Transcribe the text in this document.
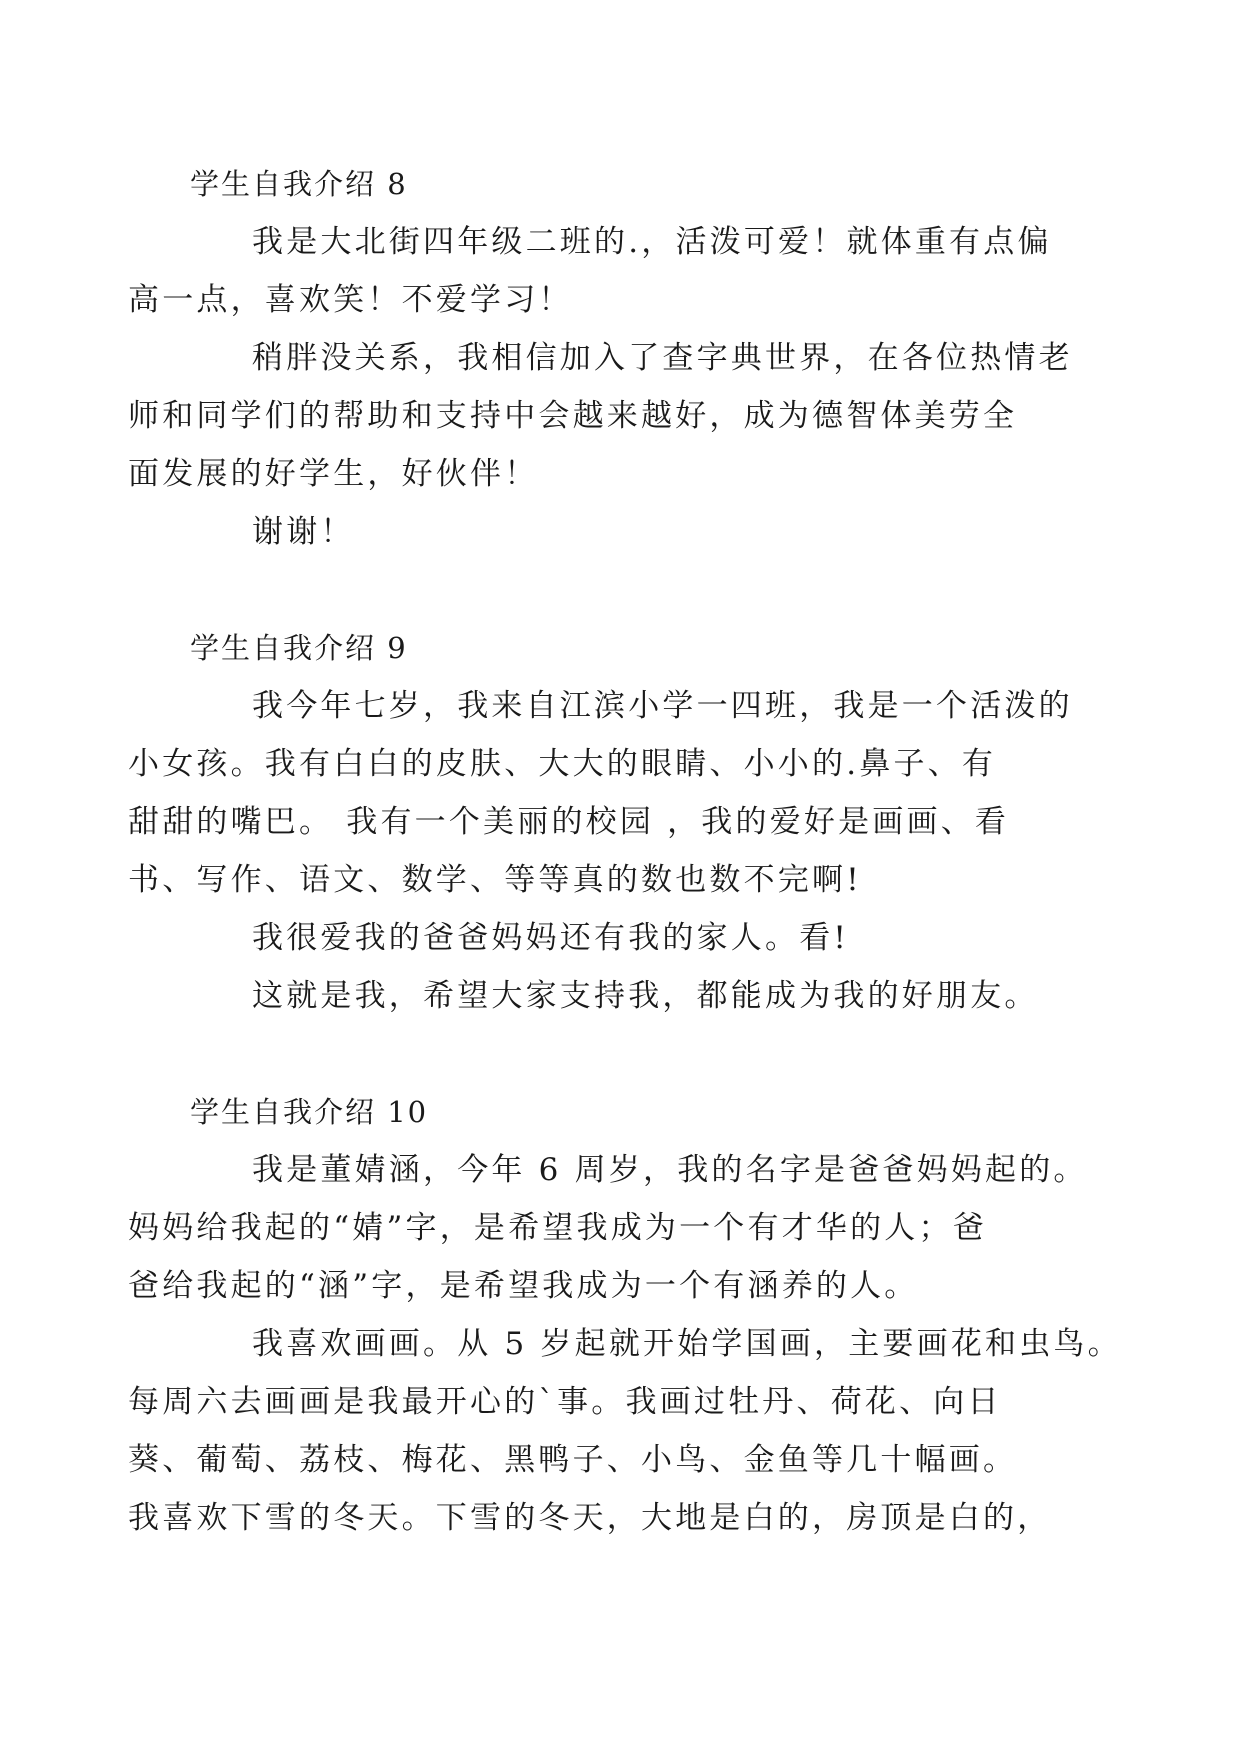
学生自我介绍 8

我是大北街四年级二班的.，活泼可爱！就体重有点偏
高一点，喜欢笑！不爱学习！

稍胖没关系，我相信加入了查字典世界，在各位热情老
师和同学们的帮助和支持中会越来越好，成为德智体美劳全
面发展的好学生，好伙伴！

谢谢！

学生自我介绍 9

我今年七岁，我来自江滨小学一四班，我是一个活泼的
小女孩。我有白白的皮肤、大大的眼睛、小小的.鼻子、有
甜甜的嘴巴。 我有一个美丽的校园 ，我的爱好是画画、看
书、写作、语文、数学、等等真的数也数不完啊!

我很爱我的爸爸妈妈还有我的家人。看!

这就是我，希望大家支持我，都能成为我的好朋友。

学生自我介绍 10

我是董婧涵，今年 6 周岁，我的名字是爸爸妈妈起的。
妈妈给我起的“婧”字，是希望我成为一个有才华的人；爸
爸给我起的“涵”字，是希望我成为一个有涵养的人。

我喜欢画画。从 5 岁起就开始学国画，主要画花和虫鸟。
每周六去画画是我最开心的`事。我画过牡丹、荷花、向日
葵、葡萄、荔枝、梅花、黑鸭子、小鸟、金鱼等几十幅画。
我喜欢下雪的冬天。下雪的冬天，大地是白的，房顶是白的，
